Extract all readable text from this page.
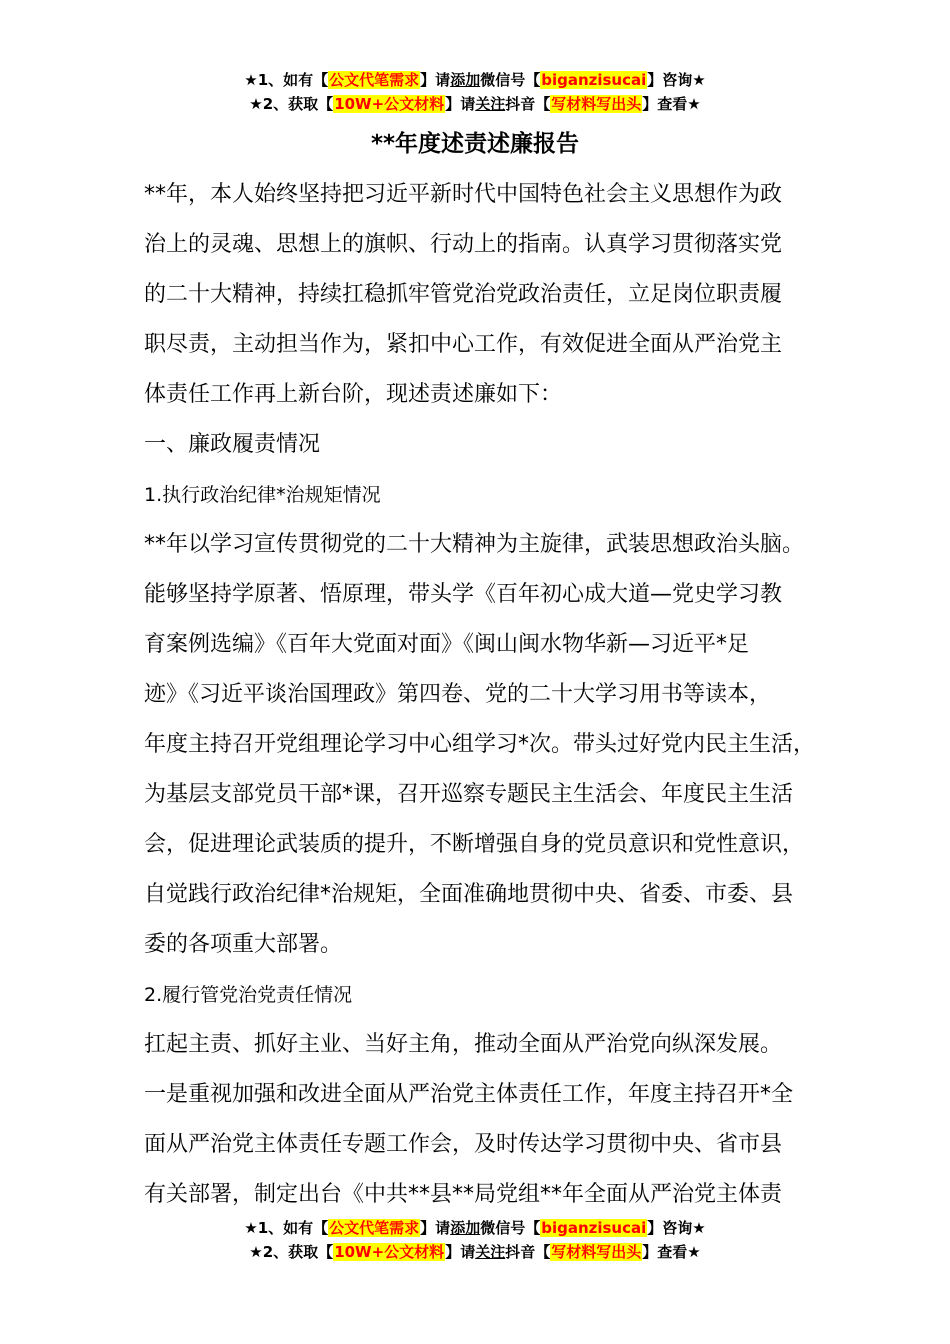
★1、如有【公文代笔需求】请添加微信号【biganzisucai】咨询★
★2、获取【10W+公文材料】请关注抖音【写材料写出头】查看★
**年度述责述廉报告
**年，本人始终坚持把习近平新时代中国特色社会主义思想作为政
治上的灵魂、思想上的旗帜、行动上的指南。认真学习贯彻落实党
的二十大精神，持续扛稳抓牢管党治党政治责任，立足岗位职责履
职尽责，主动担当作为，紧扣中心工作，有效促进全面从严治党主
体责任工作再上新台阶，现述责述廉如下：
一、廉政履责情况
1.执行政治纪律*治规矩情况
**年以学习宣传贯彻党的二十大精神为主旋律，武装思想政治头脑。
能够坚持学原著、悟原理，带头学《百年初心成大道—党史学习教
育案例选编》《百年大党面对面》《闽山闽水物华新—习近平*足
迹》《习近平谈治国理政》第四卷、党的二十大学习用书等读本，
年度主持召开党组理论学习中心组学习*次。带头过好党内民主生活，
为基层支部党员干部*课，召开巡察专题民主生活会、年度民主生活
会，促进理论武装质的提升，不断增强自身的党员意识和党性意识，
自觉践行政治纪律*治规矩，全面准确地贯彻中央、省委、市委、县
委的各项重大部署。
2.履行管党治党责任情况
扛起主责、抓好主业、当好主角，推动全面从严治党向纵深发展。
一是重视加强和改进全面从严治党主体责任工作，年度主持召开*全
面从严治党主体责任专题工作会，及时传达学习贯彻中央、省市县
有关部署，制定出台《中共**县**局党组**年全面从严治党主体责
★1、如有【公文代笔需求】请添加微信号【biganzisucai】咨询★
★2、获取【10W+公文材料】请关注抖音【写材料写出头】查看★
